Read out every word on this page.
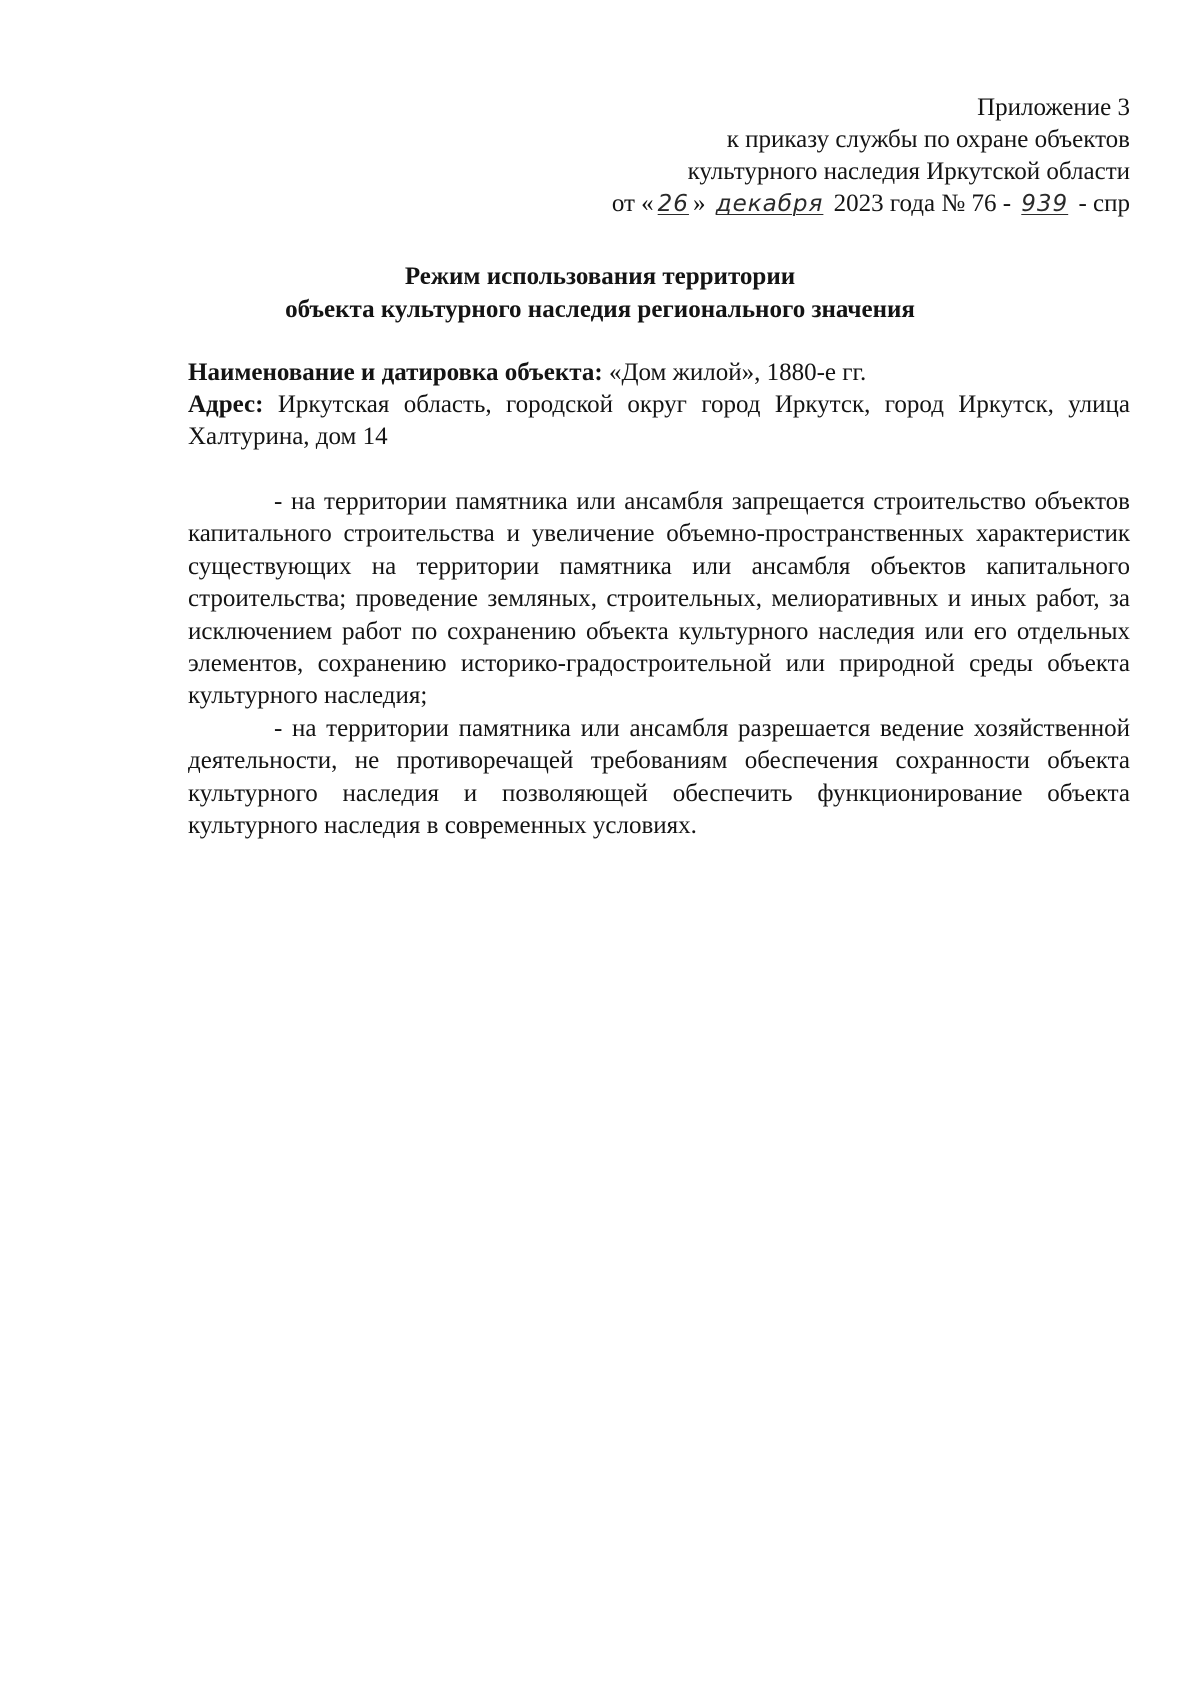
Приложение 3
к приказу службы по охране объектов
культурного наследия Иркутской области
от « 26 » декабря 2023 года № 76 - 939 - спр
Режим использования территории
объекта культурного наследия регионального значения
Наименование и датировка объекта: «Дом жилой», 1880-е гг.
Адрес: Иркутская область, городской округ город Иркутск, город Иркутск, улица Халтурина, дом 14

- на территории памятника или ансамбля запрещается строительство объектов капитального строительства и увеличение объемно-пространственных характеристик существующих на территории памятника или ансамбля объектов капитального строительства; проведение земляных, строительных, мелиоративных и иных работ, за исключением работ по сохранению объекта культурного наследия или его отдельных элементов, сохранению историко-градостроительной или природной среды объекта культурного наследия;

- на территории памятника или ансамбля разрешается ведение хозяйственной деятельности, не противоречащей требованиям обеспечения сохранности объекта культурного наследия и позволяющей обеспечить функционирование объекта культурного наследия в современных условиях.
